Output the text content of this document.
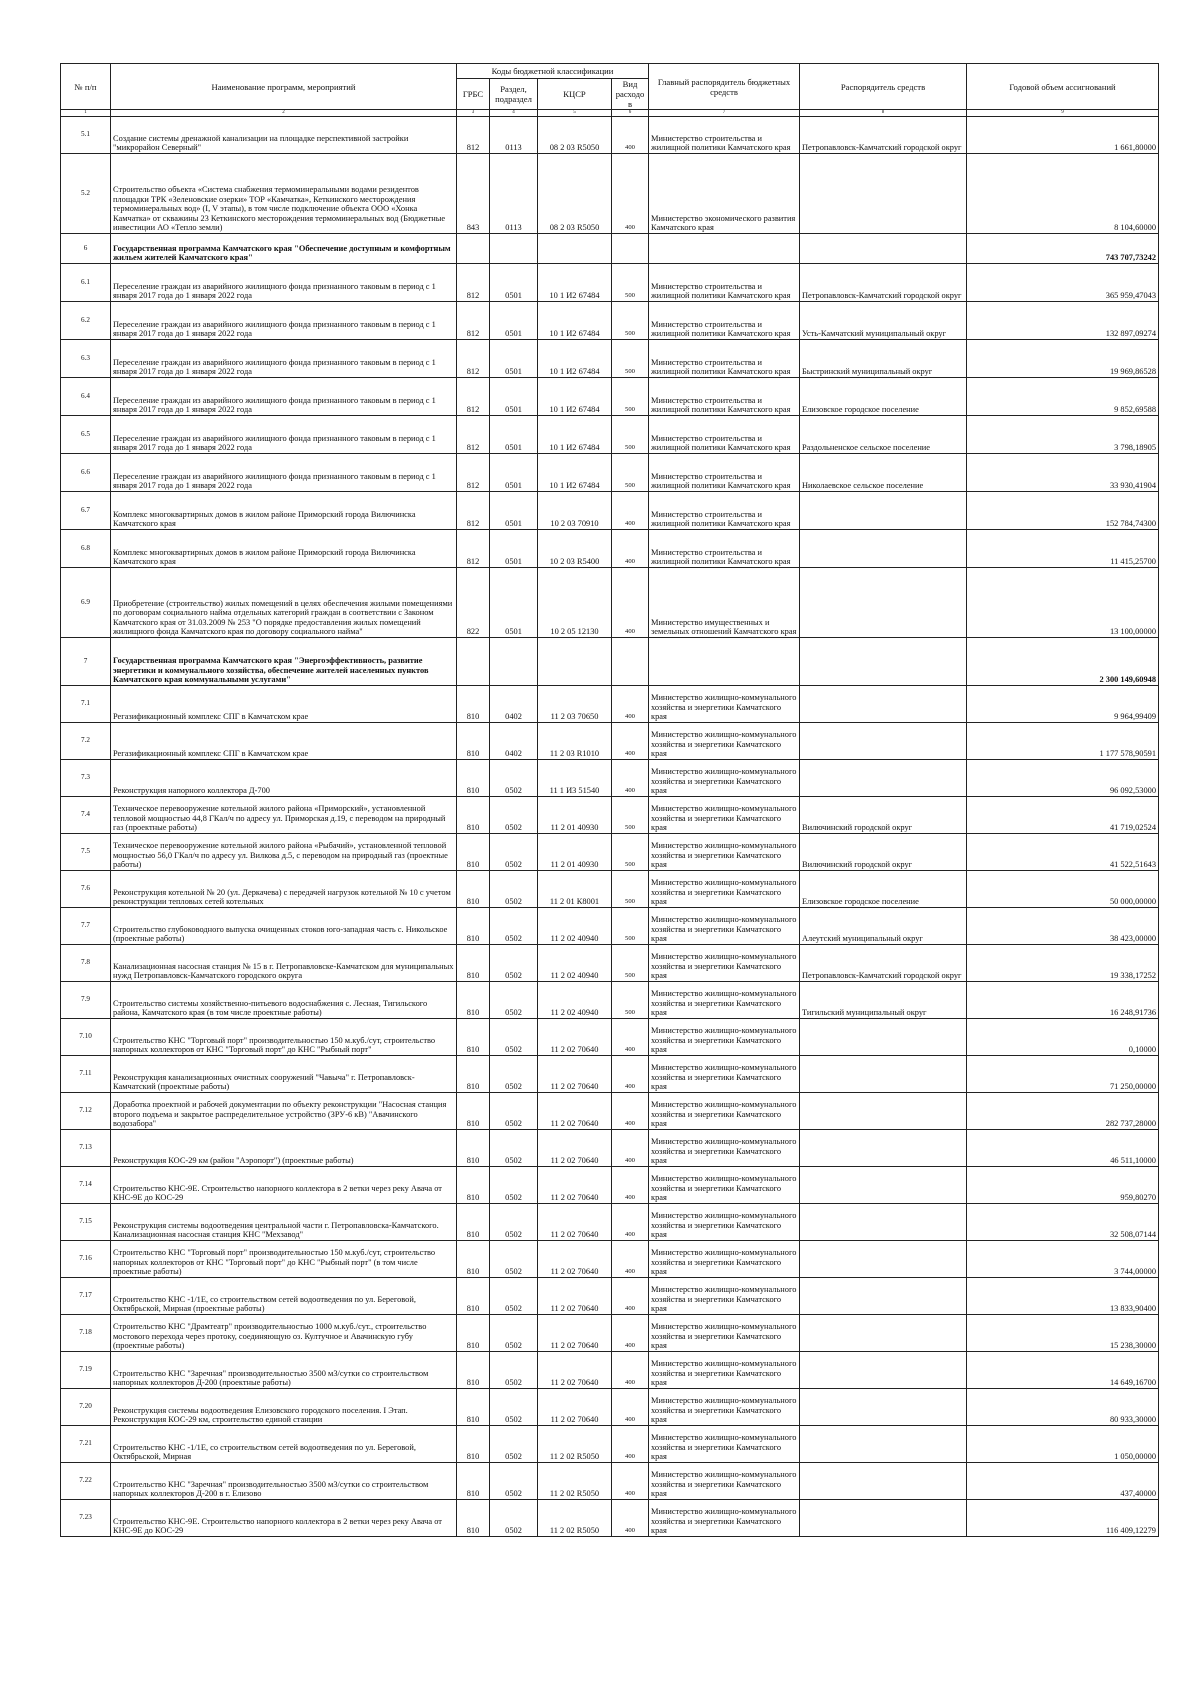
№ п/п	Наименование программ, мероприятий	Коды бюджетной классификации				Главный распорядитель бюджетных средств	Распорядитель средств	Годовой объем ассигнований
		ГРБС	Раздел, подраздел	КЦСР	Вид расходов			
1	2	3	4	5	6	7	8	9
5.1	Создание системы дренажной канализации на площадке перспективной застройки "микрорайон Северный"	812	0113	08 2 03 R5050	400	Министерство строительства и жилищной политики Камчатского края	Петропавловск-Камчатский городской округ	1 661,80000
5.2	Строительство объекта «Система снабжения термоминеральными водами резидентов площадки ТРК «Зеленовские озерки» ТОР «Камчатка», Кеткинского месторождения термоминеральных вод» (I, V этапы), в том числе подключение объекта ООО «Хонка Камчатка» от скважины 23 Кеткинского месторождения термоминеральных вод (Бюджетные инвестиции АО «Тепло земли)	843	0113	08 2 03 R5050	400	Министерство экономического развития Камчатского края		8 104,60000
6	Государственная программа Камчатского края "Обеспечение доступным и комфортным жильем жителей Камчатского края"							743 707,73242
6.1	Переселение граждан из аварийного жилищного фонда признанного таковым в период с 1 января 2017 года до 1 января 2022 года	812	0501	10 1 И2 67484	500	Министерство строительства и жилищной политики Камчатского края	Петропавловск-Камчатский городской округ	365 959,47043
6.2	Переселение граждан из аварийного жилищного фонда признанного таковым в период с 1 января 2017 года до 1 января 2022 года	812	0501	10 1 И2 67484	500	Министерство строительства и жилищной политики Камчатского края	Усть-Камчатский муниципальный округ	132 897,09274
6.3	Переселение граждан из аварийного жилищного фонда признанного таковым в период с 1 января 2017 года до 1 января 2022 года	812	0501	10 1 И2 67484	500	Министерство строительства и жилищной политики Камчатского края	Быстринский муниципальный округ	19 969,86528
6.4	Переселение граждан из аварийного жилищного фонда признанного таковым в период с 1 января 2017 года до 1 января 2022 года	812	0501	10 1 И2 67484	500	Министерство строительства и жилищной политики Камчатского края	Елизовское городское поселение	9 852,69588
6.5	Переселение граждан из аварийного жилищного фонда признанного таковым в период с 1 января 2017 года до 1 января 2022 года	812	0501	10 1 И2 67484	500	Министерство строительства и жилищной политики Камчатского края	Раздольненское сельское поселение	3 798,18905
6.6	Переселение граждан из аварийного жилищного фонда признанного таковым в период с 1 января 2017 года до 1 января 2022 года	812	0501	10 1 И2 67484	500	Министерство строительства и жилищной политики Камчатского края	Николаевское сельское поселение	33 930,41904
6.7	Комплекс многоквартирных домов в жилом районе Приморский города Вилючинска Камчатского края	812	0501	10 2 03 70910	400	Министерство строительства и жилищной политики Камчатского края		152 784,74300
6.8	Комплекс многоквартирных домов в жилом районе Приморский города Вилючинска Камчатского края	812	0501	10 2 03 R5400	400	Министерство строительства и жилищной политики Камчатского края		11 415,25700
6.9	Приобретение (строительство) жилых помещений в целях обеспечения жилыми помещениями по договорам социального найма отдельных категорий граждан в соответствии с Законом Камчатского края от 31.03.2009 № 253 "О порядке предоставления жилых помещений жилищного фонда Камчатского края по договору социального найма"	822	0501	10 2 05 12130	400	Министерство имущественных и земельных отношений Камчатского края		13 100,00000
7	Государственная программа Камчатского края "Энергоэффективность, развитие энергетики и коммунального хозяйства, обеспечение жителей населенных пунктов Камчатского края коммунальными услугами"							2 300 149,60948
7.1	Регазификационный комплекс СПГ в Камчатском крае	810	0402	11 2 03 70650	400	Министерство жилищно-коммунального хозяйства и энергетики Камчатского края		9 964,99409
7.2	Регазификационный комплекс СПГ в Камчатском крае	810	0402	11 2 03 R1010	400	Министерство жилищно-коммунального хозяйства и энергетики Камчатского края		1 177 578,90591
7.3	Реконструкция напорного коллектора Д-700	810	0502	11 1 И3 51540	400	Министерство жилищно-коммунального хозяйства и энергетики Камчатского края		96 092,53000
7.4	Техническое перевооружение котельной жилого района «Приморский», установленной тепловой мощностью 44,8 ГКал/ч по адресу ул. Приморская д.19, с переводом на природный газ (проектные работы)	810	0502	11 2 01 40930	500	Министерство жилищно-коммунального хозяйства и энергетики Камчатского края	Вилючинский городской округ	41 719,02524
7.5	Техническое перевооружение котельной жилого района «Рыбачий», установленной тепловой мощностью 56,0 ГКал/ч по адресу ул. Вилкова д.5, с переводом на природный газ (проектные работы)	810	0502	11 2 01 40930	500	Министерство жилищно-коммунального хозяйства и энергетики Камчатского края	Вилючинский городской округ	41 522,51643
7.6	Реконструкция котельной № 20 (ул. Деркачева) с передачей нагрузок котельной № 10 с учетом реконструкции тепловых сетей котельных	810	0502	11 2 01 К8001	500	Министерство жилищно-коммунального хозяйства и энергетики Камчатского края	Елизовское городское поселение	50 000,00000
7.7	Строительство глубоководного выпуска очищенных стоков юго-западная часть с. Никольское (проектные работы)	810	0502	11 2 02 40940	500	Министерство жилищно-коммунального хозяйства и энергетики Камчатского края	Алеутский муниципальный округ	38 423,00000
7.8	Канализационная насосная станция № 15 в г. Петропавловске-Камчатском для муниципальных нужд Петропавловск-Камчатского городского округа	810	0502	11 2 02 40940	500	Министерство жилищно-коммунального хозяйства и энергетики Камчатского края	Петропавловск-Камчатский городской округ	19 338,17252
7.9	Строительство системы хозяйственно-питьевого водоснабжения с. Лесная, Тигильского района, Камчатского края (в том числе проектные работы)	810	0502	11 2 02 40940	500	Министерство жилищно-коммунального хозяйства и энергетики Камчатского края	Тигильский муниципальный округ	16 248,91736
7.10	Строительство КНС "Торговый порт" производительностью 150 м.куб./сут, строительство напорных коллекторов от КНС "Торговый порт" до КНС "Рыбный порт"	810	0502	11 2 02 70640	400	Министерство жилищно-коммунального хозяйства и энергетики Камчатского края		0,10000
7.11	Реконструкция канализационных очистных сооружений "Чавыча" г. Петропавловск-Камчатский (проектные работы)	810	0502	11 2 02 70640	400	Министерство жилищно-коммунального хозяйства и энергетики Камчатского края		71 250,00000
7.12	Доработка проектной и рабочей документации по объекту реконструкции "Насосная станция второго подъема и закрытое распределительное устройство (ЗРУ-6 кВ) "Авачинского водозабора"	810	0502	11 2 02 70640	400	Министерство жилищно-коммунального хозяйства и энергетики Камчатского края		282 737,28000
7.13	Реконструкция КОС-29 км (район "Аэропорт") (проектные работы)	810	0502	11 2 02 70640	400	Министерство жилищно-коммунального хозяйства и энергетики Камчатского края		46 511,10000
7.14	Строительство КНС-9Е. Строительство напорного коллектора в 2 ветки через реку Авача от КНС-9Е до КОС-29	810	0502	11 2 02 70640	400	Министерство жилищно-коммунального хозяйства и энергетики Камчатского края		959,80270
7.15	Реконструкция системы водоотведения центральной части г. Петропавловска-Камчатского. Канализационная насосная станция КНС "Мехзавод"	810	0502	11 2 02 70640	400	Министерство жилищно-коммунального хозяйства и энергетики Камчатского края		32 508,07144
7.16	Строительство КНС "Торговый порт" производительностью 150 м.куб./сут, строительство напорных коллекторов от КНС "Торговый порт" до КНС "Рыбный порт" (в том числе проектные работы)	810	0502	11 2 02 70640	400	Министерство жилищно-коммунального хозяйства и энергетики Камчатского края		3 744,00000
7.17	Строительство КНС -1/1Е, со строительством сетей водоотведения по ул. Береговой, Октябрьской, Мирная (проектные работы)	810	0502	11 2 02 70640	400	Министерство жилищно-коммунального хозяйства и энергетики Камчатского края		13 833,90400
7.18	Строительство КНС "Драмтеатр" производительностью 1000 м.куб./сут., строительство мостового перехода через протоку, соединяющую оз. Култучное и Авачинскую губу (проектные работы)	810	0502	11 2 02 70640	400	Министерство жилищно-коммунального хозяйства и энергетики Камчатского края		15 238,30000
7.19	Строительство КНС "Заречная" производительностью 3500 м3/сутки со строительством напорных коллекторов Д-200 (проектные работы)	810	0502	11 2 02 70640	400	Министерство жилищно-коммунального хозяйства и энергетики Камчатского края		14 649,16700
7.20	Реконструкция системы водоотведения Елизовского городского поселения. I Этап. Реконструкция КОС-29 км, строительство единой станции	810	0502	11 2 02 70640	400	Министерство жилищно-коммунального хозяйства и энергетики Камчатского края		80 933,30000
7.21	Строительство КНС -1/1Е, со строительством сетей водоотведения по ул. Береговой, Октябрьской, Мирная	810	0502	11 2 02 R5050	400	Министерство жилищно-коммунального хозяйства и энергетики Камчатского края		1 050,00000
7.22	Строительство КНС "Заречная" производительностью 3500 м3/сутки со строительством напорных коллекторов Д-200 в г. Елизово	810	0502	11 2 02 R5050	400	Министерство жилищно-коммунального хозяйства и энергетики Камчатского края		437,40000
7.23	Строительство КНС-9Е. Строительство напорного коллектора в 2 ветки через реку Авача от КНС-9Е до КОС-29	810	0502	11 2 02 R5050	400	Министерство жилищно-коммунального хозяйства и энергетики Камчатского края		116 409,12279
